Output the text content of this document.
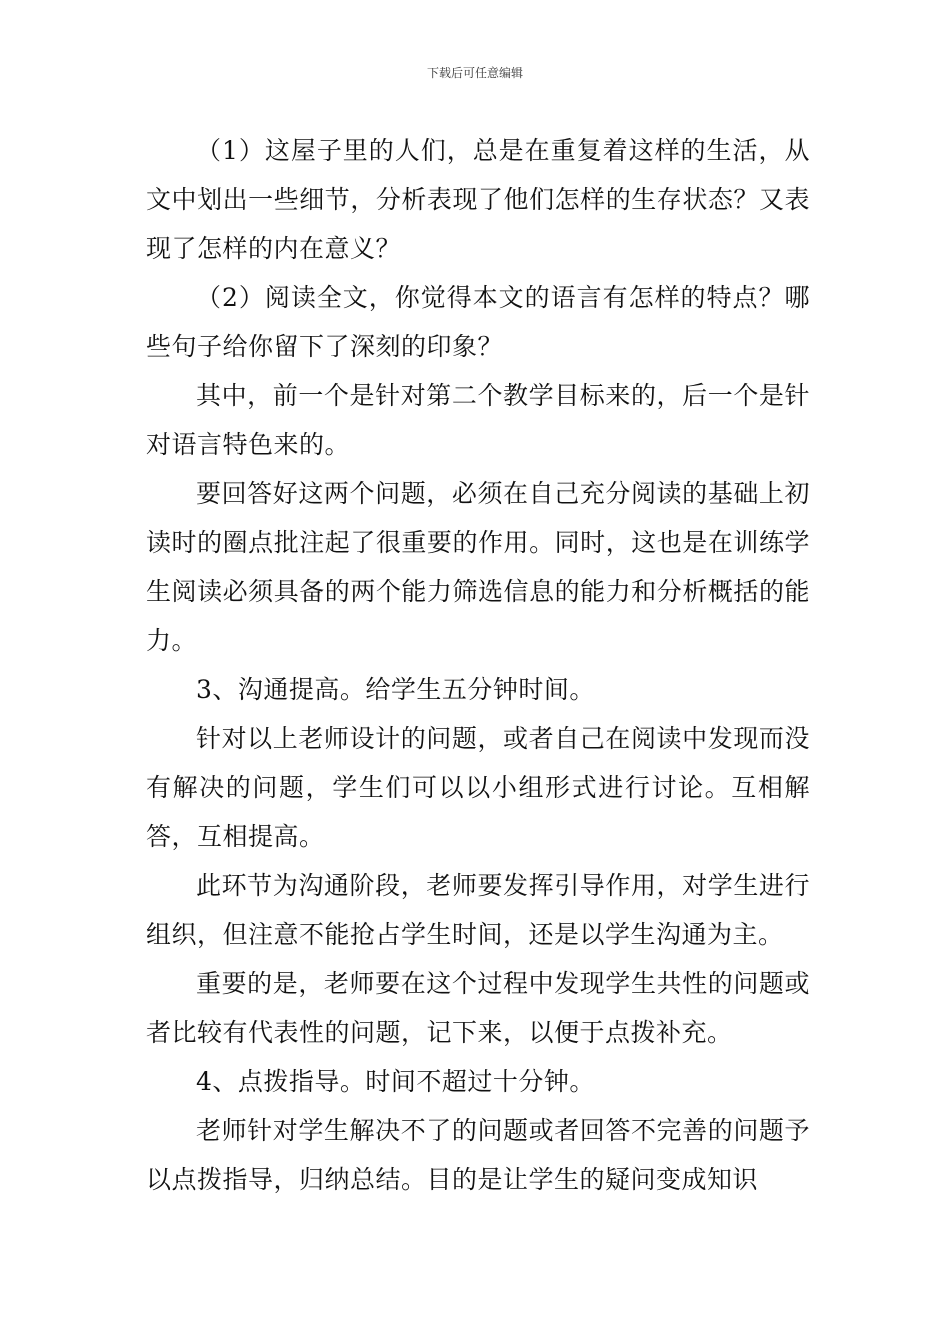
下载后可任意编辑

（1）这屋子里的人们，总是在重复着这样的生活，从文中划出一些细节，分析表现了他们怎样的生存状态？又表现了怎样的内在意义？

（2）阅读全文，你觉得本文的语言有怎样的特点？哪些句子给你留下了深刻的印象？

其中，前一个是针对第二个教学目标来的，后一个是针对语言特色来的。

要回答好这两个问题，必须在自己充分阅读的基础上初读时的圈点批注起了很重要的作用。同时，这也是在训练学生阅读必须具备的两个能力筛选信息的能力和分析概括的能力。

3、沟通提高。给学生五分钟时间。

针对以上老师设计的问题，或者自己在阅读中发现而没有解决的问题，学生们可以以小组形式进行讨论。互相解答，互相提高。

此环节为沟通阶段，老师要发挥引导作用，对学生进行组织，但注意不能抢占学生时间，还是以学生沟通为主。

重要的是，老师要在这个过程中发现学生共性的问题或者比较有代表性的问题，记下来，以便于点拨补充。

4、点拨指导。时间不超过十分钟。

老师针对学生解决不了的问题或者回答不完善的问题予以点拨指导，归纳总结。目的是让学生的疑问变成知识
